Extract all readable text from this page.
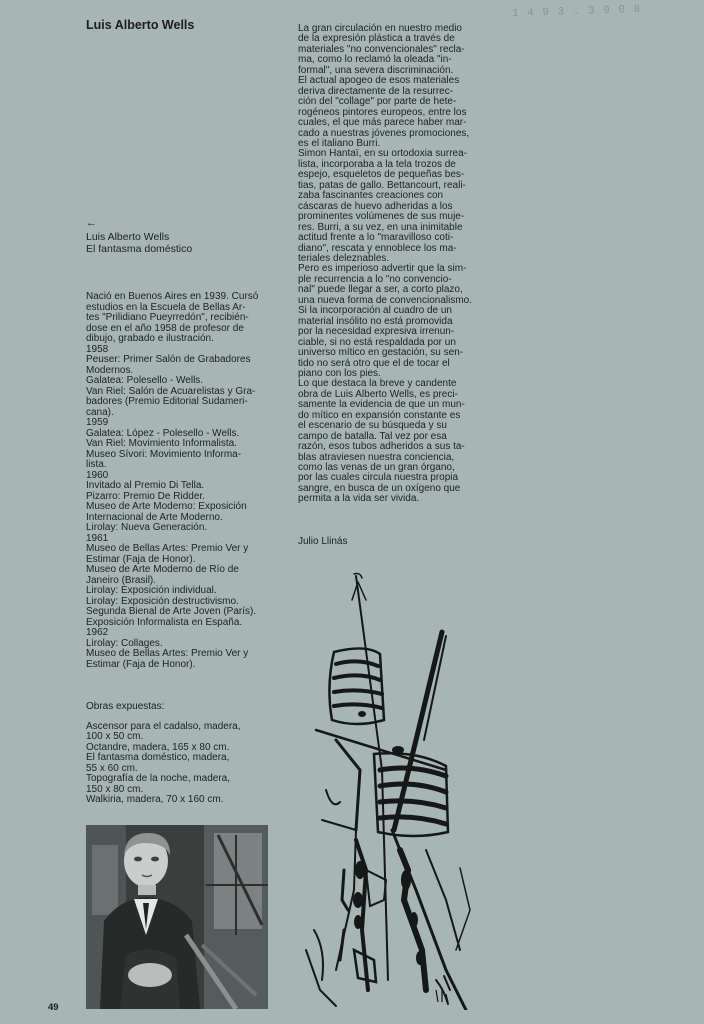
1 4 9 3 . 3 9 0 8
Luis Alberto Wells
←
Luis Alberto Wells
El fantasma doméstico
Nació en Buenos Aires en 1939. Cursó
estudios en la Escuela de Bellas Ar-
tes "Prilidiano Pueyrredón", recibién-
dose en el año 1958 de profesor de
dibujo, grabado e ilustración.
1958
Peuser: Primer Salón de Grabadores
Modernos.
Galatea: Polesello - Wells.
Van Riel: Salón de Acuarelistas y Gra-
badores (Premio Editorial Sudameri-
cana).
1959
Galatea: López - Polesello - Wells.
Van Riel: Movimiento Informalista.
Museo Sívori: Movimiento Informa-
lista.
1960
Invitado al Premio Di Tella.
Pizarro: Premio De Ridder.
Museo de Arte Moderno: Exposición
Internacional de Arte Moderno.
Lirolay: Nueva Generación.
1961
Museo de Bellas Artes: Premio Ver y
Estimar (Faja de Honor).
Museo de Arte Moderno de Río de
Janeiro (Brasil).
Lirolay: Exposición individual.
Lirolay: Exposición destructivismo.
Segunda Bienal de Arte Joven (París).
Exposición Informalista en España.
1962
Lirolay: Collages.
Museo de Bellas Artes: Premio Ver y
Estimar (Faja de Honor).
Obras expuestas:
Ascensor para el cadalso, madera,
100 x 50 cm.
Octandre, madera, 165 x 80 cm.
El fantasma doméstico, madera,
55 x 60 cm.
Topografía de la noche, madera,
150 x 80 cm.
Walkiria, madera, 70 x 160 cm.
La gran circulación en nuestro medio
de la expresión plástica a través de
materiales "no convencionales" recla-
ma, como lo reclamó la oleada "in-
formal", una severa discriminación.
El actual apogeo de esos materiales
deriva directamente de la resurrec-
ción del "collage" por parte de hete-
rogéneos pintores europeos, entre los
cuales, el que más parece haber mar-
cado a nuestras jóvenes promociones,
es el italiano Burri.
Simon Hantaï, en su ortodoxia surrea-
lista, incorporaba a la tela trozos de
espejo, esqueletos de pequeñas bes-
tias, patas de gallo. Bettancourt, reali-
zaba fascinantes creaciones con
cáscaras de huevo adheridas a los
prominentes volúmenes de sus muje-
res. Burri, a su vez, en una inimitable
actitud frente a lo "maravilloso coti-
diano", rescata y ennoblece los ma-
teriales deleznables.
Pero es imperioso advertir que la sim-
ple recurrencia a lo "no convencio-
nal" puede llegar a ser, a corto plazo,
una nueva forma de convencionalismo.
Si la incorporación al cuadro de un
material insólito no está promovida
por la necesidad expresiva irrenun-
ciable, si no está respaldada por un
universo mítico en gestación, su sen-
tido no será otro que el de tocar el
piano con los pies.
Lo que destaca la breve y candente
obra de Luis Alberto Wells, es preci-
samente la evidencia de que un mun-
do mítico en expansión constante es
el escenario de su búsqueda y su
campo de batalla. Tal vez por esa
razón, esos tubos adheridos a sus ta-
blas atraviesen nuestra conciencia,
como las venas de un gran órgano,
por las cuales circula nuestra propia
sangre, en busca de un oxígeno que
permita a la vida ser vivida.
Julio Llinás
49
